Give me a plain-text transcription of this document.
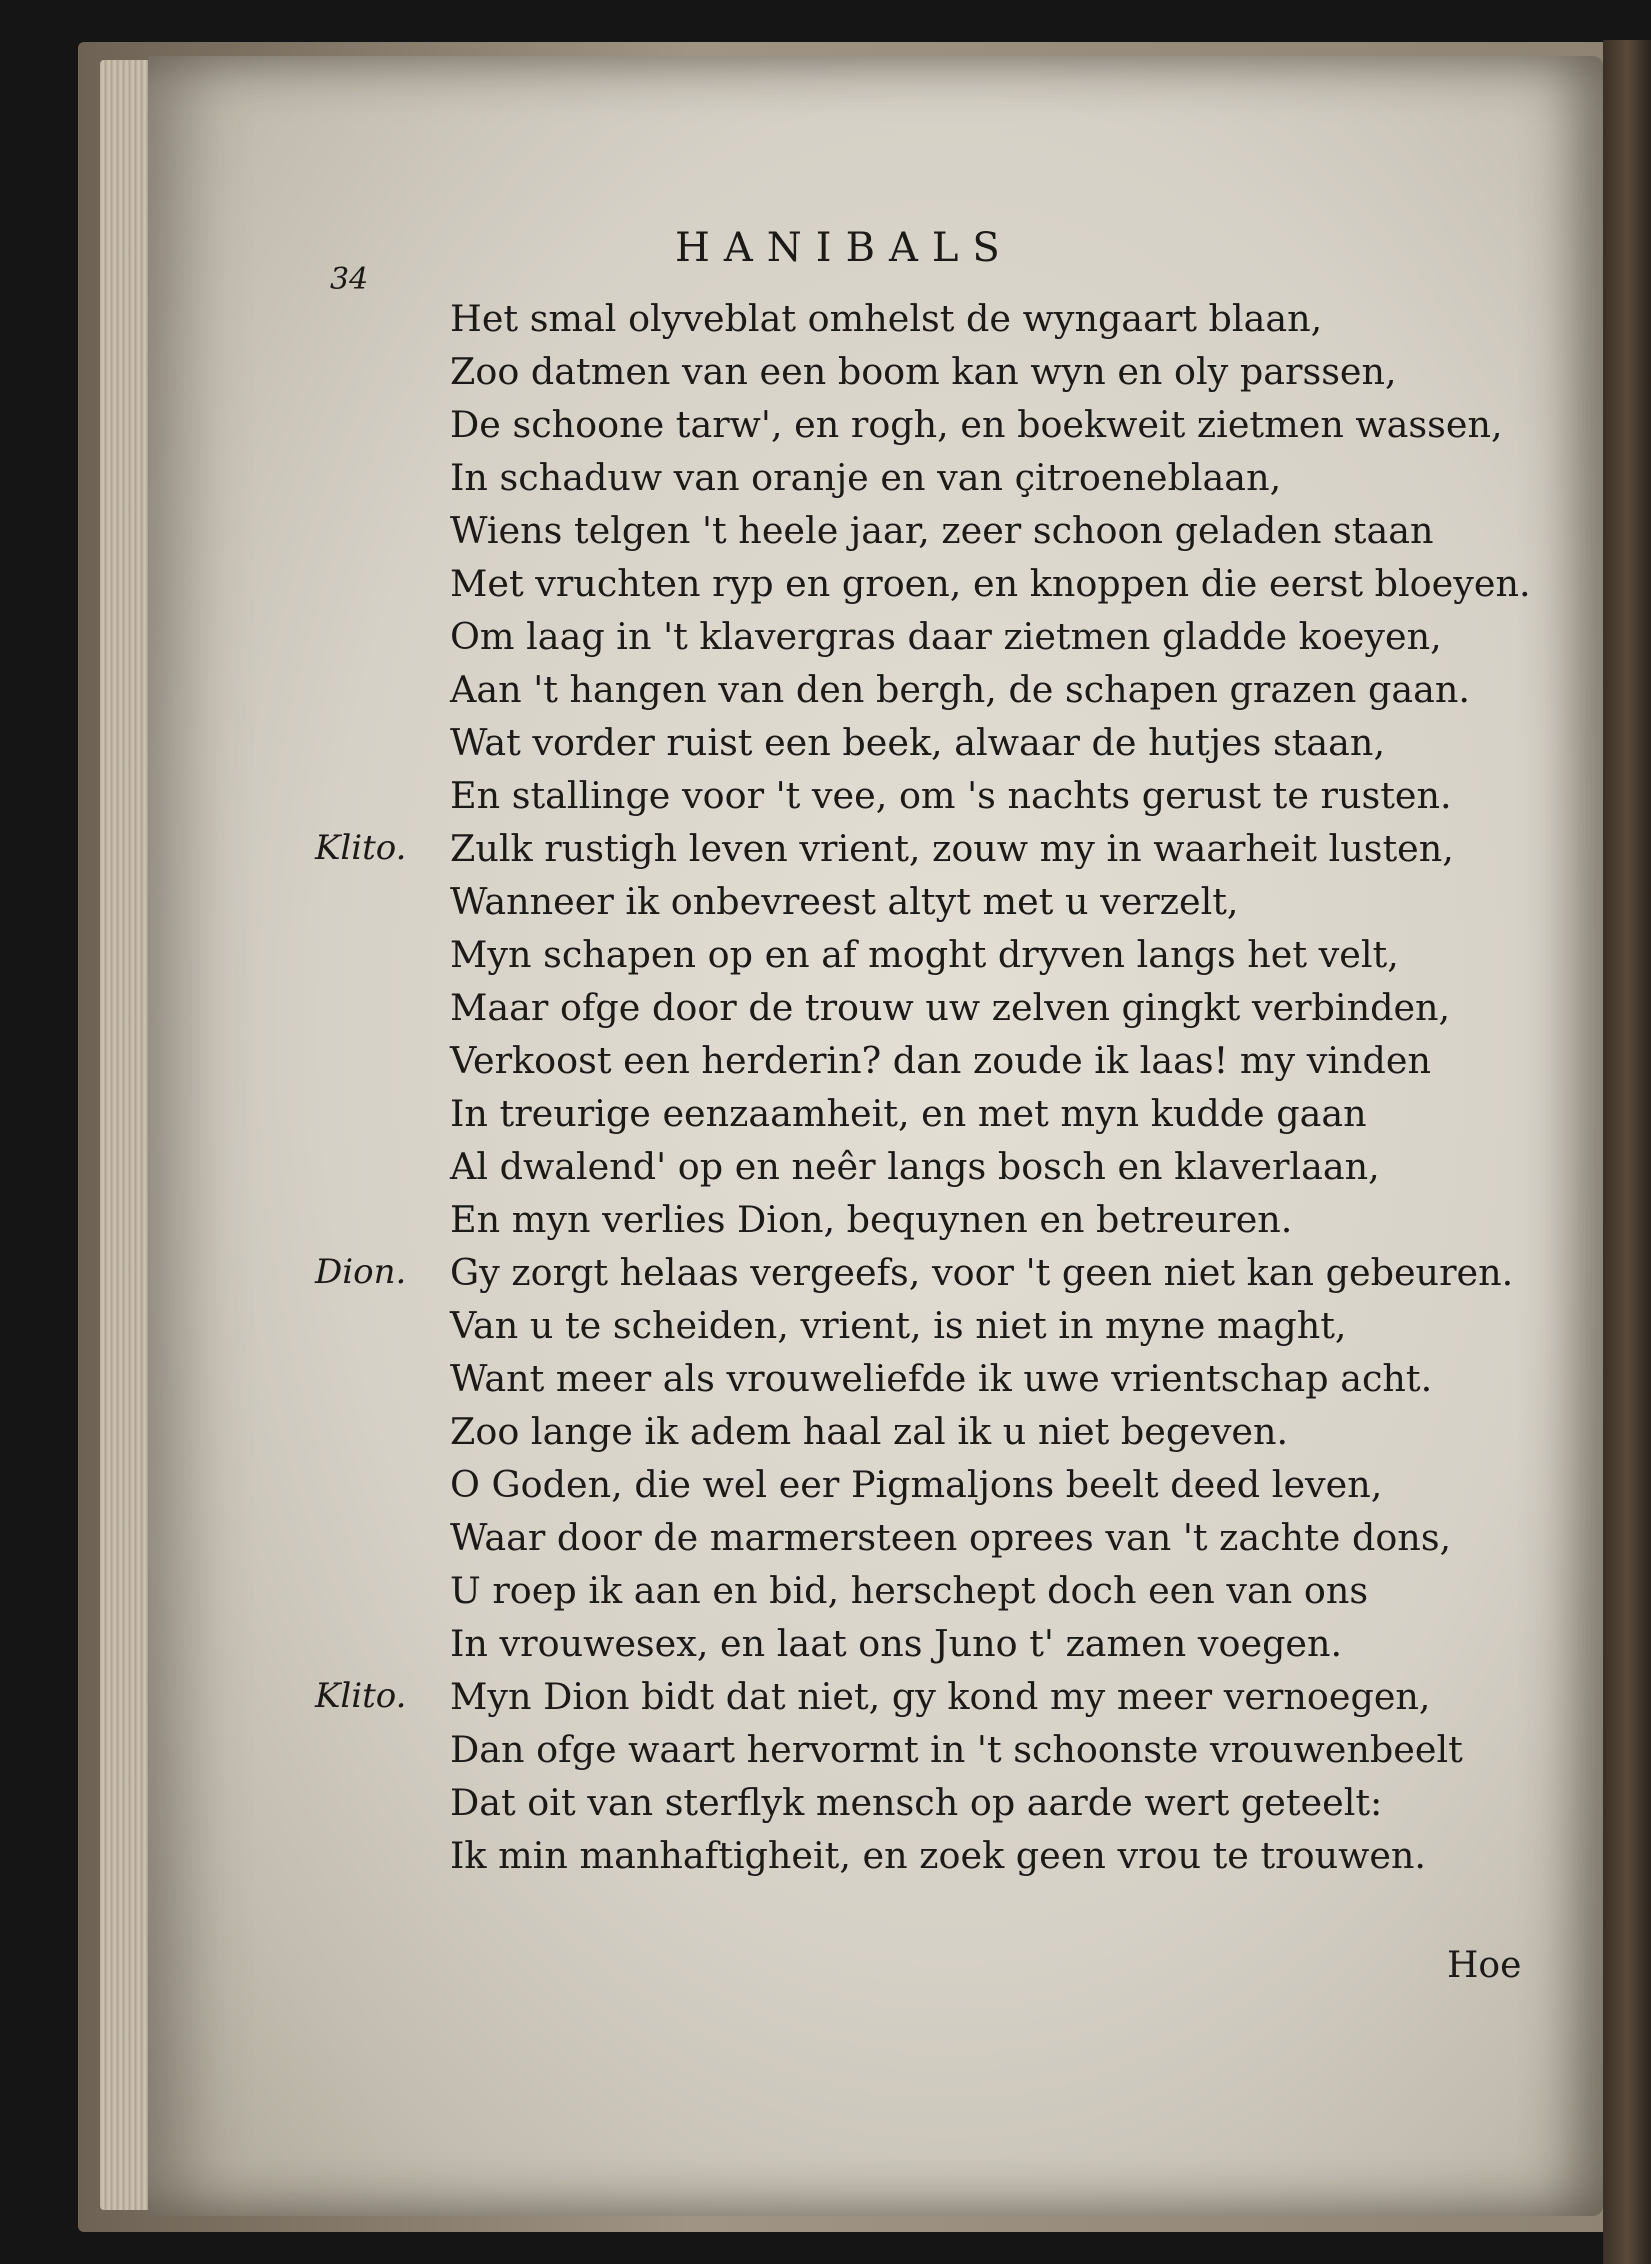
34
HANIBALS
Het smal olyveblat omhelst de wyngaart blaan,
Zoo datmen van een boom kan wyn en oly parssen,
De schoone tarw', en rogh, en boekweit zietmen wassen,
In schaduw van oranje en van çitroeneblaan,
Wiens telgen 't heele jaar, zeer schoon geladen staan
Met vruchten ryp en groen, en knoppen die eerst bloeyen.
Om laag in 't klavergras daar zietmen gladde koeyen,
Aan 't hangen van den bergh, de schapen grazen gaan.
Wat vorder ruist een beek, alwaar de hutjes staan,
En stallinge voor 't vee, om 's nachts gerust te rusten.
Klito. Zulk rustigh leven vrient, zouw my in waarheit lusten,
Wanneer ik onbevreest altyt met u verzelt,
Myn schapen op en af moght dryven langs het velt,
Maar ofge door de trouw uw zelven gingkt verbinden,
Verkoost een herderin? dan zoude ik laas! my vinden
In treurige eenzaamheit, en met myn kudde gaan
Al dwalend' op en neêr langs bosch en klaverlaan,
En myn verlies Dion, bequynen en betreuren.
Dion. Gy zorgt helaas vergeefs, voor 't geen niet kan gebeuren.
Van u te scheiden, vrient, is niet in myne maght,
Want meer als vrouweliefde ik uwe vrientschap acht.
Zoo lange ik adem haal zal ik u niet begeven.
O Goden, die wel eer Pigmaljons beelt deed leven,
Waar door de marmersteen oprees van 't zachte dons,
U roep ik aan en bid, herschept doch een van ons
In vrouwesex, en laat ons Juno t' zamen voegen.
Klito. Myn Dion bidt dat niet, gy kond my meer vernoegen,
Dan ofge waart hervormt in 't schoonste vrouwenbeelt
Dat oit van sterflyk mensch op aarde wert geteelt:
Ik min manhaftigheit, en zoek geen vrou te trouwen.
Hoe
